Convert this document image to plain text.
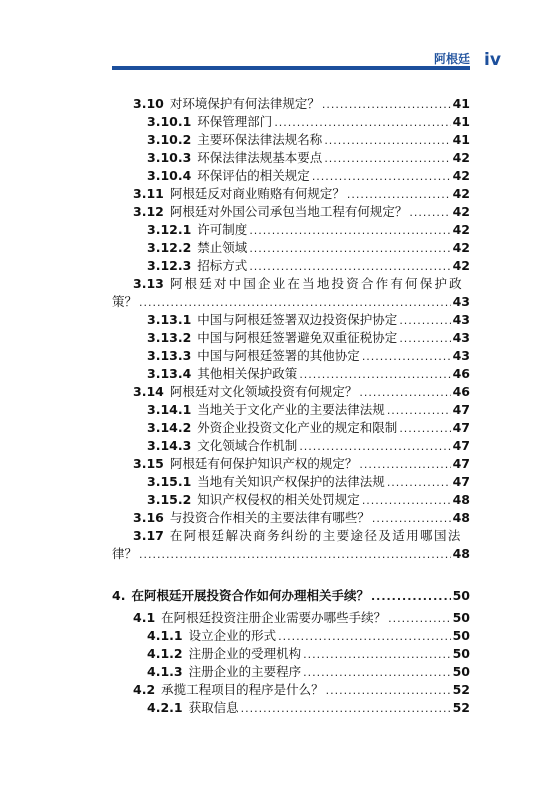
阿根廷 iv
3.10 对环境保护有何法律规定？ .....	41
3.10.1 环保管理部门 .....	41
3.10.2 主要环保法律法规名称 .....	41
3.10.3 环保法律法规基本要点 .....	42
3.10.4 环保评估的相关规定 .....	42
3.11 阿根廷反对商业贿赂有何规定？ .....	42
3.12 阿根廷对外国公司承包当地工程有何规定？ .....	42
3.12.1 许可制度 .....	42
3.12.2 禁止领域 .....	42
3.12.3 招标方式 .....	42
3.13 阿根廷对中国企业在当地投资合作有何保护政
策？ .....	43
3.13.1 中国与阿根廷签署双边投资保护协定 .....	43
3.13.2 中国与阿根廷签署避免双重征税协定 .....	43
3.13.3 中国与阿根廷签署的其他协定 .....	43
3.13.4 其他相关保护政策 .....	46
3.14 阿根廷对文化领域投资有何规定？ .....	46
3.14.1 当地关于文化产业的主要法律法规 .....	47
3.14.2 外资企业投资文化产业的规定和限制 .....	47
3.14.3 文化领域合作机制 .....	47
3.15 阿根廷有何保护知识产权的规定？ .....	47
3.15.1 当地有关知识产权保护的法律法规 .....	47
3.15.2 知识产权侵权的相关处罚规定 .....	48
3.16 与投资合作相关的主要法律有哪些？ .....	48
3.17 在阿根廷解决商务纠纷的主要途径及适用哪国法
律？ .....	48
4. 在阿根廷开展投资合作如何办理相关手续？ .....	50
4.1 在阿根廷投资注册企业需要办哪些手续？ .....	50
4.1.1 设立企业的形式 .....	50
4.1.2 注册企业的受理机构 .....	50
4.1.3 注册企业的主要程序 .....	50
4.2 承揽工程项目的程序是什么？ .....	52
4.2.1 获取信息 .....	52
